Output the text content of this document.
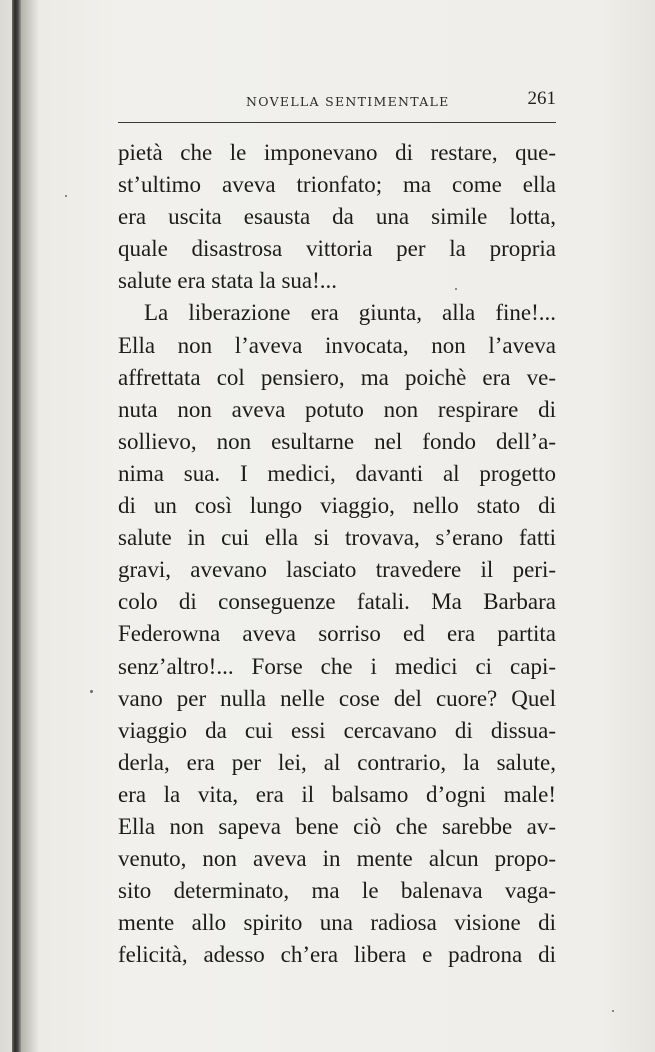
NOVELLA SENTIMENTALE	261
pietà che le imponevano di restare, que-
st’ultimo aveva trionfato; ma come ella
era uscita esausta da una simile lotta,
quale disastrosa vittoria per la propria
salute era stata la sua!...
La liberazione era giunta, alla fine!...
Ella non l’aveva invocata, non l’aveva
affrettata col pensiero, ma poichè era ve-
nuta non aveva potuto non respirare di
sollievo, non esultarne nel fondo dell’a-
nima sua. I medici, davanti al progetto
di un così lungo viaggio, nello stato di
salute in cui ella si trovava, s’erano fatti
gravi, avevano lasciato travedere il peri-
colo di conseguenze fatali. Ma Barbara
Federowna aveva sorriso ed era partita
senz’altro!... Forse che i medici ci capi-
vano per nulla nelle cose del cuore? Quel
viaggio da cui essi cercavano di dissua-
derla, era per lei, al contrario, la salute,
era la vita, era il balsamo d’ogni male!
Ella non sapeva bene ciò che sarebbe av-
venuto, non aveva in mente alcun propo-
sito determinato, ma le balenava vaga-
mente allo spirito una radiosa visione di
felicità, adesso ch’era libera e padrona di
